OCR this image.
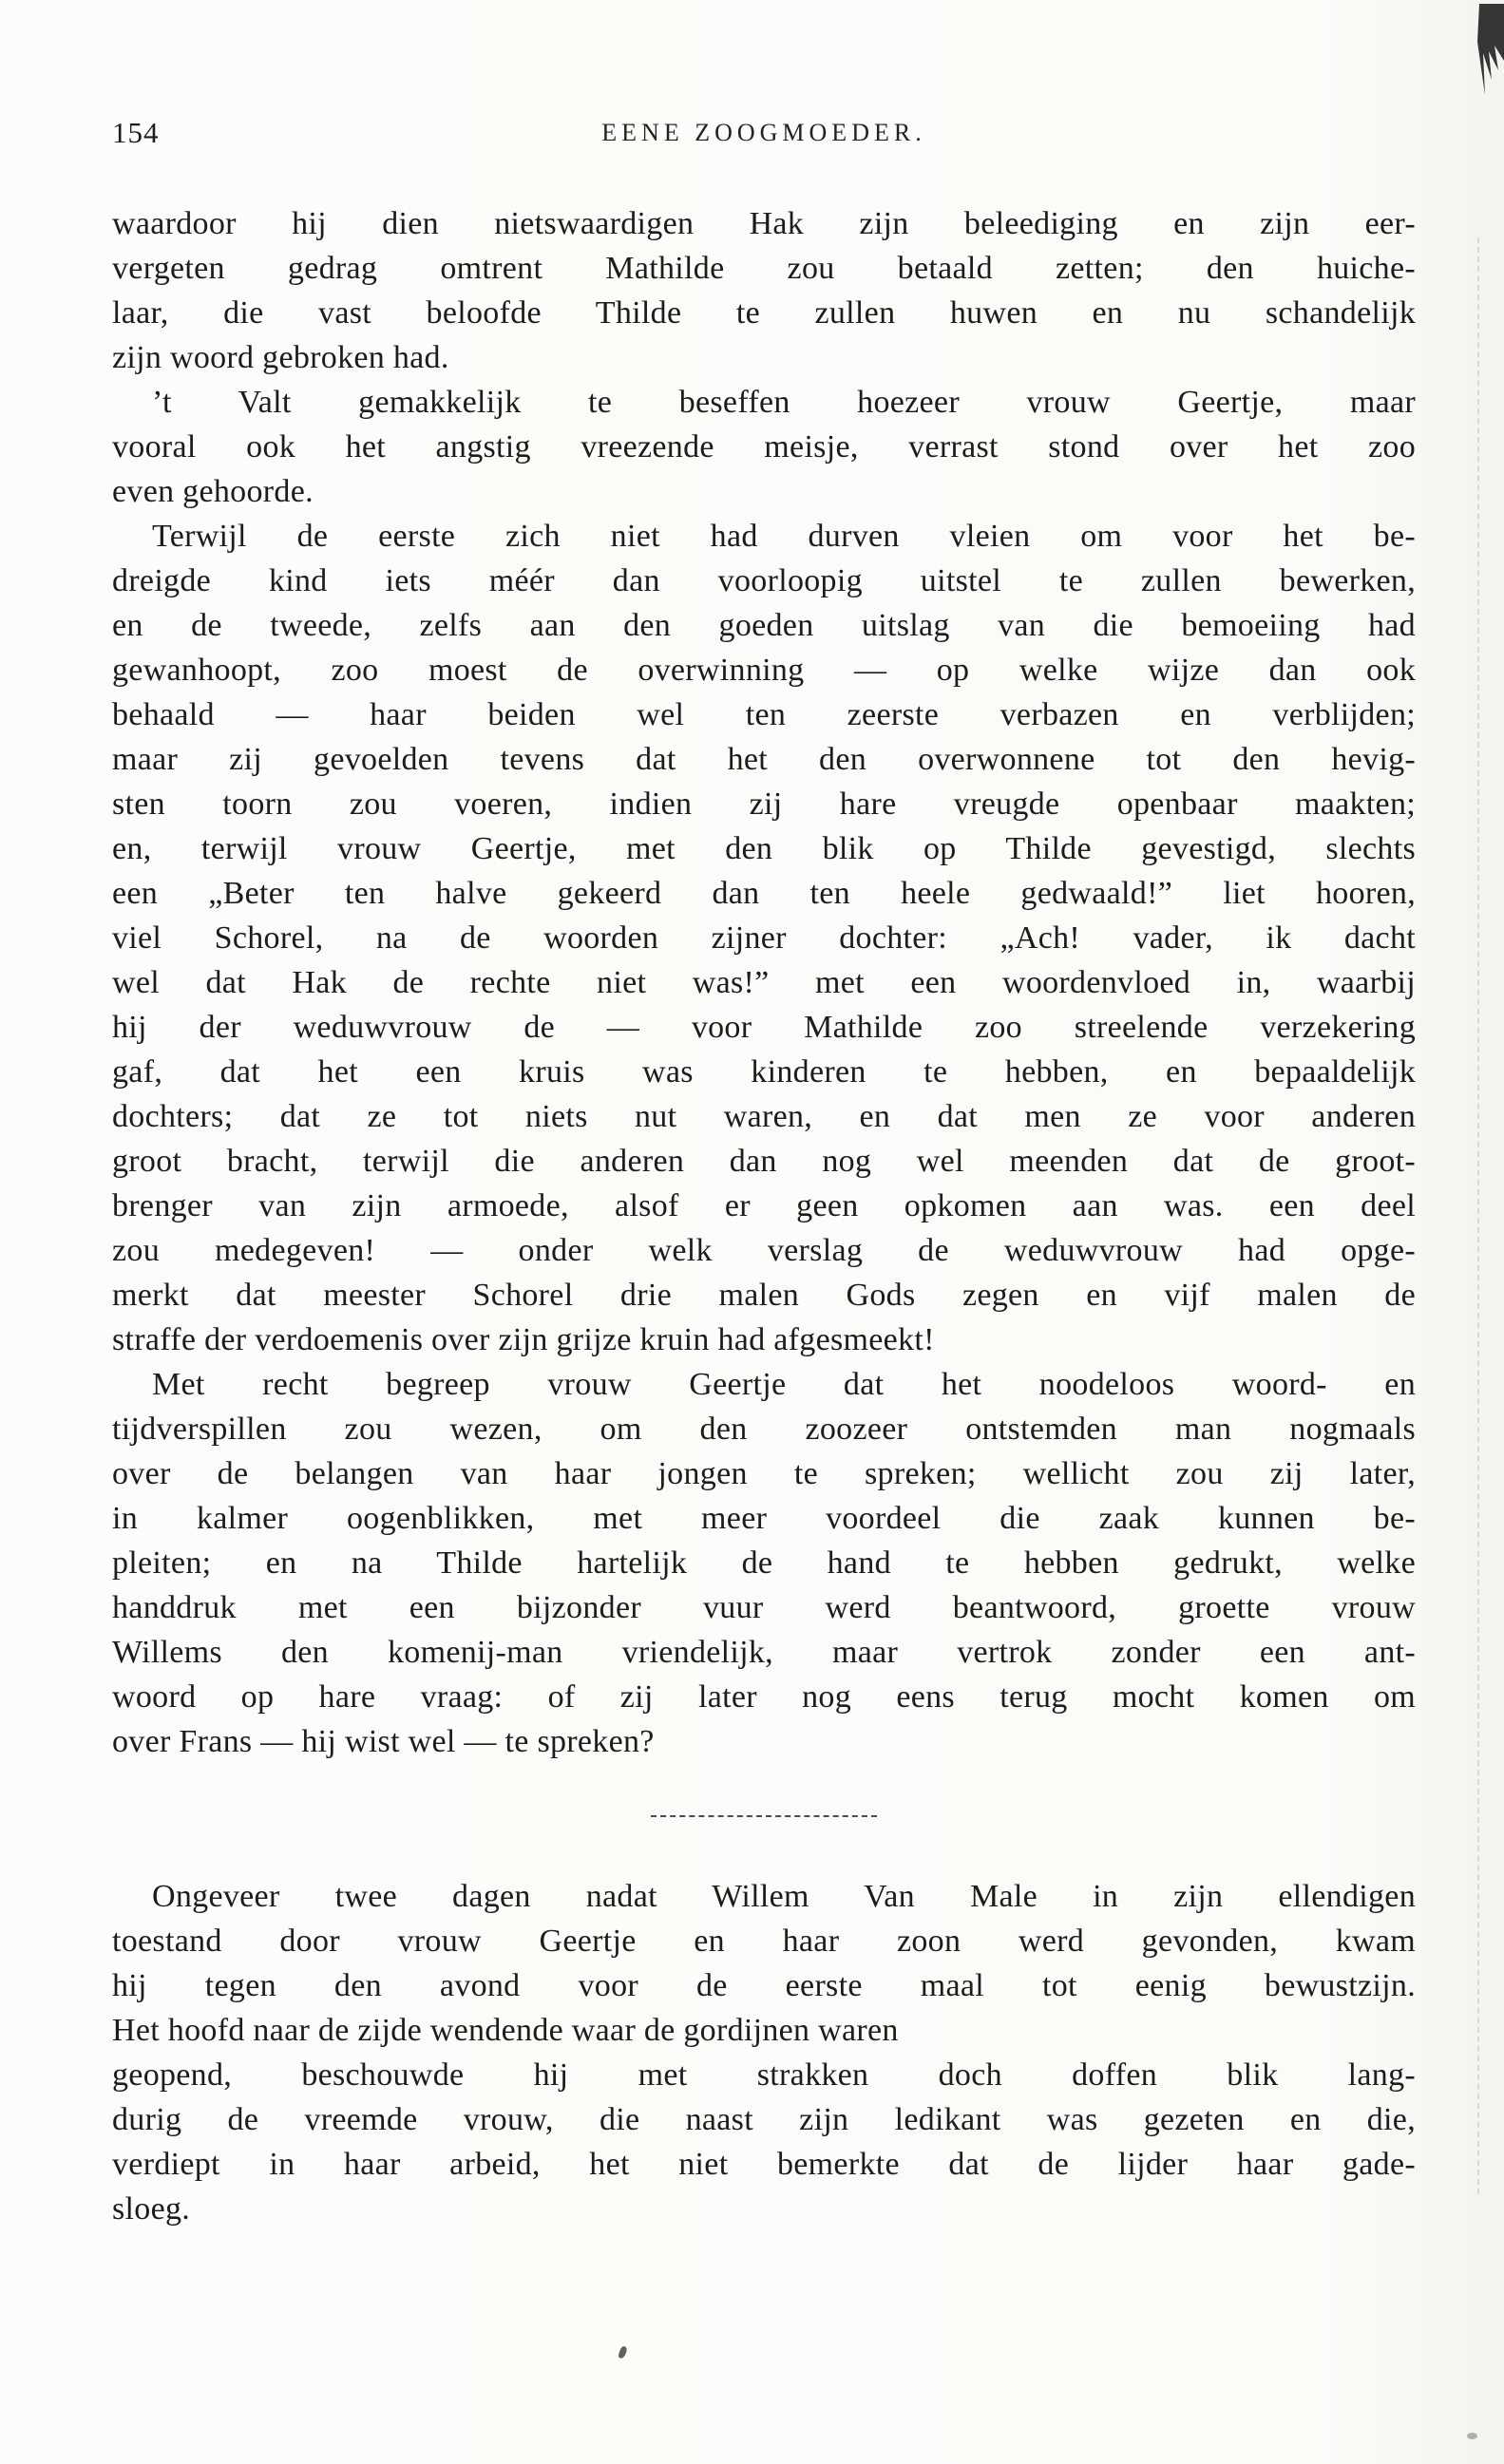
154	EENE ZOOGMOEDER.
waardoor hij dien nietswaardigen Hak zijn beleediging en zijn eer-
vergeten gedrag omtrent Mathilde zou betaald zetten; den huiche-
laar, die vast beloofde Thilde te zullen huwen en nu schandelijk
zijn woord gebroken had.
’t Valt gemakkelijk te beseffen hoezeer vrouw Geertje, maar
vooral ook het angstig vreezende meisje, verrast stond over het zoo
even gehoorde.
Terwijl de eerste zich niet had durven vleien om voor het be-
dreigde kind iets méér dan voorloopig uitstel te zullen bewerken,
en de tweede, zelfs aan den goeden uitslag van die bemoeiing had
gewanhoopt, zoo moest de overwinning — op welke wijze dan ook
behaald — haar beiden wel ten zeerste verbazen en verblijden;
maar zij gevoelden tevens dat het den overwonnene tot den hevig-
sten toorn zou voeren, indien zij hare vreugde openbaar maakten;
en, terwijl vrouw Geertje, met den blik op Thilde gevestigd, slechts
een „Beter ten halve gekeerd dan ten heele gedwaald!” liet hooren,
viel Schorel, na de woorden zijner dochter: „Ach! vader, ik dacht
wel dat Hak de rechte niet was!” met een woordenvloed in, waarbij
hij der weduwvrouw de — voor Mathilde zoo streelende verzekering
gaf, dat het een kruis was kinderen te hebben, en bepaaldelijk
dochters; dat ze tot niets nut waren, en dat men ze voor anderen
groot bracht, terwijl die anderen dan nog wel meenden dat de groot-
brenger van zijn armoede, alsof er geen opkomen aan was. een deel
zou medegeven! — onder welk verslag de weduwvrouw had opge-
merkt dat meester Schorel drie malen Gods zegen en vijf malen de
straffe der verdoemenis over zijn grijze kruin had afgesmeekt!
Met recht begreep vrouw Geertje dat het noodeloos woord- en
tijdverspillen zou wezen, om den zoozeer ontstemden man nogmaals
over de belangen van haar jongen te spreken; wellicht zou zij later,
in kalmer oogenblikken, met meer voordeel die zaak kunnen be-
pleiten; en na Thilde hartelijk de hand te hebben gedrukt, welke
handdruk met een bijzonder vuur werd beantwoord, groette vrouw
Willems den komenij-man vriendelijk, maar vertrok zonder een ant-
woord op hare vraag: of zij later nog eens terug mocht komen om
over Frans — hij wist wel — te spreken?
Ongeveer twee dagen nadat Willem Van Male in zijn ellendigen
toestand door vrouw Geertje en haar zoon werd gevonden, kwam
hij tegen den avond voor de eerste maal tot eenig bewustzijn.
Het hoofd naar de zijde wendende waar de gordijnen waren
geopend, beschouwde hij met strakken doch doffen blik lang-
durig de vreemde vrouw, die naast zijn ledikant was gezeten en die,
verdiept in haar arbeid, het niet bemerkte dat de lijder haar gade-
sloeg.
